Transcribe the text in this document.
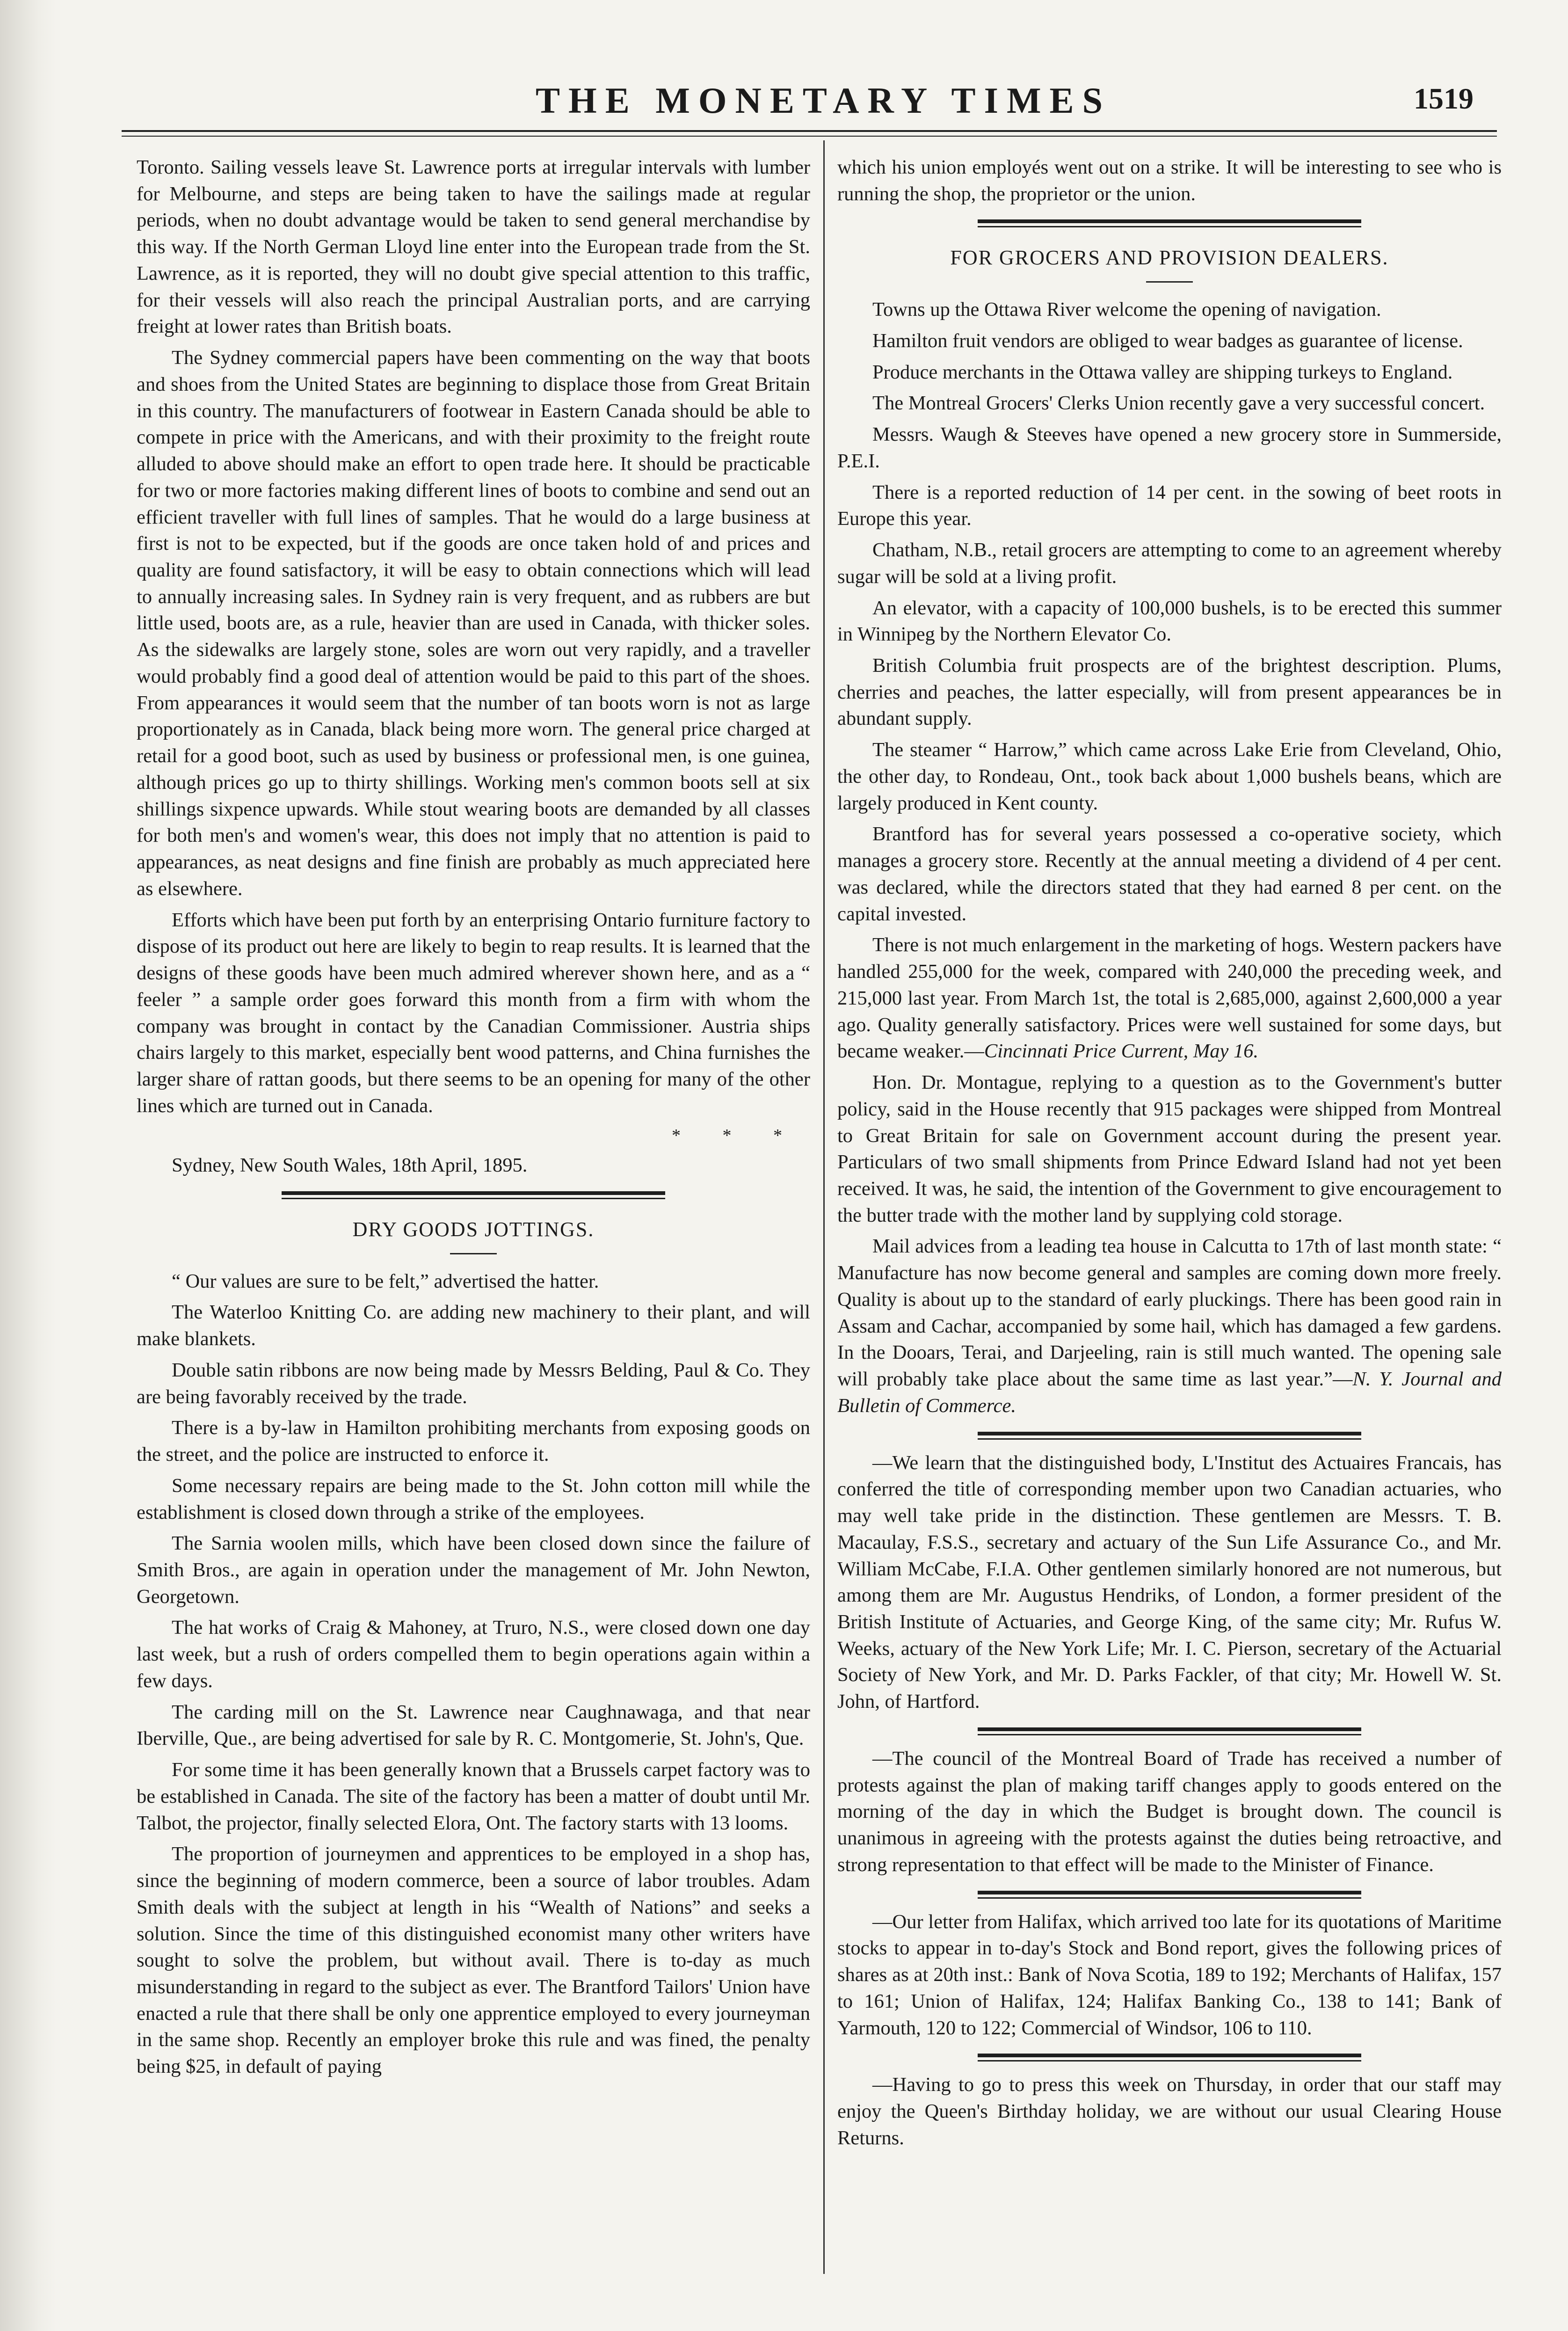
THE MONETARY TIMES	1519

Toronto. Sailing vessels leave St. Lawrence ports at irregular intervals with lumber for Melbourne, and steps are being taken to have the sailings made at regular periods, when no doubt advantage would be taken to send general merchandise by this way. If the North German Lloyd line enter into the European trade from the St. Lawrence, as it is reported, they will no doubt give special attention to this traffic, for their vessels will also reach the principal Australian ports, and are carrying freight at lower rates than British boats.

The Sydney commercial papers have been commenting on the way that boots and shoes from the United States are beginning to displace those from Great Britain in this country. The manufacturers of footwear in Eastern Canada should be able to compete in price with the Americans, and with their proximity to the freight route alluded to above should make an effort to open trade here. It should be practicable for two or more factories making different lines of boots to combine and send out an efficient traveller with full lines of samples. That he would do a large business at first is not to be expected, but if the goods are once taken hold of and prices and quality are found satisfactory, it will be easy to obtain connections which will lead to annually increasing sales. In Sydney rain is very frequent, and as rubbers are but little used, boots are, as a rule, heavier than are used in Canada, with thicker soles. As the sidewalks are largely stone, soles are worn out very rapidly, and a traveller would probably find a good deal of attention would be paid to this part of the shoes. From appearances it would seem that the number of tan boots worn is not as large proportionately as in Canada, black being more worn. The general price charged at retail for a good boot, such as used by business or professional men, is one guinea, although prices go up to thirty shillings. Working men's common boots sell at six shillings sixpence upwards. While stout wearing boots are demanded by all classes for both men's and women's wear, this does not imply that no attention is paid to appearances, as neat designs and fine finish are probably as much appreciated here as elsewhere.

Efforts which have been put forth by an enterprising Ontario furniture factory to dispose of its product out here are likely to begin to reap results. It is learned that the designs of these goods have been much admired wherever shown here, and as a “ feeler ” a sample order goes forward this month from a firm with whom the company was brought in contact by the Canadian Commissioner. Austria ships chairs largely to this market, especially bent wood patterns, and China furnishes the larger share of rattan goods, but there seems to be an opening for many of the other lines which are turned out in Canada.

* * *

Sydney, New South Wales, 18th April, 1895.

DRY GOODS JOTTINGS.

“ Our values are sure to be felt,” advertised the hatter.

The Waterloo Knitting Co. are adding new machinery to their plant, and will make blankets.

Double satin ribbons are now being made by Messrs Belding, Paul & Co. They are being favorably received by the trade.

There is a by-law in Hamilton prohibiting merchants from exposing goods on the street, and the police are instructed to enforce it.

Some necessary repairs are being made to the St. John cotton mill while the establishment is closed down through a strike of the employees.

The Sarnia woolen mills, which have been closed down since the failure of Smith Bros., are again in operation under the management of Mr. John Newton, Georgetown.

The hat works of Craig & Mahoney, at Truro, N.S., were closed down one day last week, but a rush of orders compelled them to begin operations again within a few days.

The carding mill on the St. Lawrence near Caughnawaga, and that near Iberville, Que., are being advertised for sale by R. C. Montgomerie, St. John's, Que.

For some time it has been generally known that a Brussels carpet factory was to be established in Canada. The site of the factory has been a matter of doubt until Mr. Talbot, the projector, finally selected Elora, Ont. The factory starts with 13 looms.

The proportion of journeymen and apprentices to be employed in a shop has, since the beginning of modern commerce, been a source of labor troubles. Adam Smith deals with the subject at length in his “Wealth of Nations” and seeks a solution. Since the time of this distinguished economist many other writers have sought to solve the problem, but without avail. There is to-day as much misunderstanding in regard to the subject as ever. The Brantford Tailors' Union have enacted a rule that there shall be only one apprentice employed to every journeyman in the same shop. Recently an employer broke this rule and was fined, the penalty being $25, in default of paying

which his union employés went out on a strike. It will be interesting to see who is running the shop, the proprietor or the union.

FOR GROCERS AND PROVISION DEALERS.

Towns up the Ottawa River welcome the opening of navigation.

Hamilton fruit vendors are obliged to wear badges as guarantee of license.

Produce merchants in the Ottawa valley are shipping turkeys to England.

The Montreal Grocers' Clerks Union recently gave a very successful concert.

Messrs. Waugh & Steeves have opened a new grocery store in Summerside, P.E.I.

There is a reported reduction of 14 per cent. in the sowing of beet roots in Europe this year.

Chatham, N.B., retail grocers are attempting to come to an agreement whereby sugar will be sold at a living profit.

An elevator, with a capacity of 100,000 bushels, is to be erected this summer in Winnipeg by the Northern Elevator Co.

British Columbia fruit prospects are of the brightest description. Plums, cherries and peaches, the latter especially, will from present appearances be in abundant supply.

The steamer “ Harrow,” which came across Lake Erie from Cleveland, Ohio, the other day, to Rondeau, Ont., took back about 1,000 bushels beans, which are largely produced in Kent county.

Brantford has for several years possessed a co-operative society, which manages a grocery store. Recently at the annual meeting a dividend of 4 per cent. was declared, while the directors stated that they had earned 8 per cent. on the capital invested.

There is not much enlargement in the marketing of hogs. Western packers have handled 255,000 for the week, compared with 240,000 the preceding week, and 215,000 last year. From March 1st, the total is 2,685,000, against 2,600,000 a year ago. Quality generally satisfactory. Prices were well sustained for some days, but became weaker.—Cincinnati Price Current, May 16.

Hon. Dr. Montague, replying to a question as to the Government's butter policy, said in the House recently that 915 packages were shipped from Montreal to Great Britain for sale on Government account during the present year. Particulars of two small shipments from Prince Edward Island had not yet been received. It was, he said, the intention of the Government to give encouragement to the butter trade with the mother land by supplying cold storage.

Mail advices from a leading tea house in Calcutta to 17th of last month state: “ Manufacture has now become general and samples are coming down more freely. Quality is about up to the standard of early pluckings. There has been good rain in Assam and Cachar, accompanied by some hail, which has damaged a few gardens. In the Dooars, Terai, and Darjeeling, rain is still much wanted. The opening sale will probably take place about the same time as last year.”—N. Y. Journal and Bulletin of Commerce.

—We learn that the distinguished body, L'Institut des Actuaires Francais, has conferred the title of corresponding member upon two Canadian actuaries, who may well take pride in the distinction. These gentlemen are Messrs. T. B. Macaulay, F.S.S., secretary and actuary of the Sun Life Assurance Co., and Mr. William McCabe, F.I.A. Other gentlemen similarly honored are not numerous, but among them are Mr. Augustus Hendriks, of London, a former president of the British Institute of Actuaries, and George King, of the same city; Mr. Rufus W. Weeks, actuary of the New York Life; Mr. I. C. Pierson, secretary of the Actuarial Society of New York, and Mr. D. Parks Fackler, of that city; Mr. Howell W. St. John, of Hartford.

—The council of the Montreal Board of Trade has received a number of protests against the plan of making tariff changes apply to goods entered on the morning of the day in which the Budget is brought down. The council is unanimous in agreeing with the protests against the duties being retroactive, and strong representation to that effect will be made to the Minister of Finance.

—Our letter from Halifax, which arrived too late for its quotations of Maritime stocks to appear in to-day's Stock and Bond report, gives the following prices of shares as at 20th inst.: Bank of Nova Scotia, 189 to 192; Merchants of Halifax, 157 to 161; Union of Halifax, 124; Halifax Banking Co., 138 to 141; Bank of Yarmouth, 120 to 122; Commercial of Windsor, 106 to 110.

—Having to go to press this week on Thursday, in order that our staff may enjoy the Queen's Birthday holiday, we are without our usual Clearing House Returns.
